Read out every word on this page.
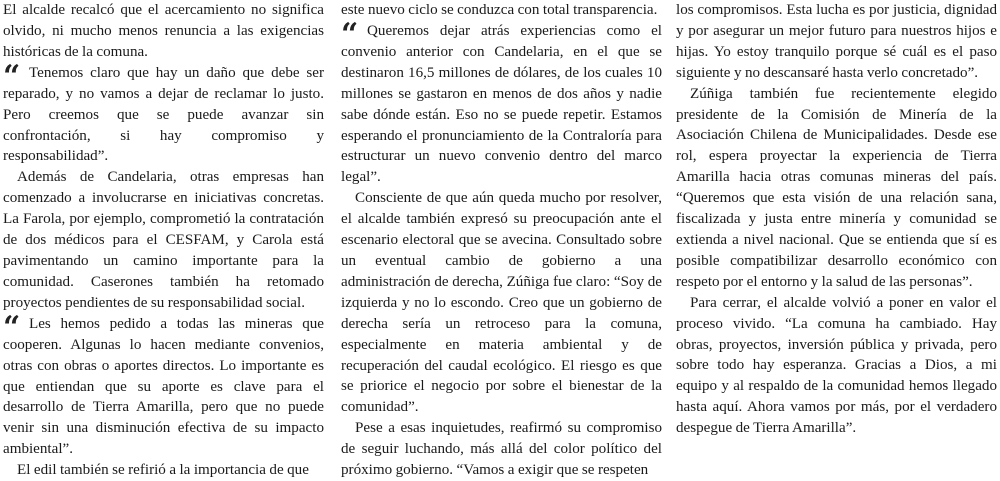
El alcalde recalcó que el acercamiento no significa olvido, ni mucho menos renuncia a las exigencias históricas de la comuna.

“ Tenemos claro que hay un daño que debe ser reparado, y no vamos a dejar de reclamar lo justo. Pero creemos que se puede avanzar sin confrontación, si hay compromiso y responsabilidad”.

Además de Candelaria, otras empresas han comenzado a involucrarse en iniciativas concretas. La Farola, por ejemplo, comprometió la contratación de dos médicos para el CESFAM, y Carola está pavimentando un camino importante para la comunidad. Caserones también ha retomado proyectos pendientes de su responsabilidad social.

“ Les hemos pedido a todas las mineras que cooperen. Algunas lo hacen mediante convenios, otras con obras o aportes directos. Lo importante es que entiendan que su aporte es clave para el desarrollo de Tierra Amarilla, pero que no puede venir sin una disminución efectiva de su impacto ambiental”.

El edil también se refirió a la importancia de que

este nuevo ciclo se conduzca con total transparencia.

“ Queremos dejar atrás experiencias como el convenio anterior con Candelaria, en el que se destinaron 16,5 millones de dólares, de los cuales 10 millones se gastaron en menos de dos años y nadie sabe dónde están. Eso no se puede repetir. Estamos esperando el pronunciamiento de la Contraloría para estructurar un nuevo convenio dentro del marco legal”.

Consciente de que aún queda mucho por resolver, el alcalde también expresó su preocupación ante el escenario electoral que se avecina. Consultado sobre un eventual cambio de gobierno a una administración de derecha, Zúñiga fue claro: “Soy de izquierda y no lo escondo. Creo que un gobierno de derecha sería un retroceso para la comuna, especialmente en materia ambiental y de recuperación del caudal ecológico. El riesgo es que se priorice el negocio por sobre el bienestar de la comunidad”.

Pese a esas inquietudes, reafirmó su compromiso de seguir luchando, más allá del color político del próximo gobierno. “Vamos a exigir que se respeten

los compromisos. Esta lucha es por justicia, dignidad y por asegurar un mejor futuro para nuestros hijos e hijas. Yo estoy tranquilo porque sé cuál es el paso siguiente y no descansaré hasta verlo concretado”.

Zúñiga también fue recientemente elegido presidente de la Comisión de Minería de la Asociación Chilena de Municipalidades. Desde ese rol, espera proyectar la experiencia de Tierra Amarilla hacia otras comunas mineras del país. “Queremos que esta visión de una relación sana, fiscalizada y justa entre minería y comunidad se extienda a nivel nacional. Que se entienda que sí es posible compatibilizar desarrollo económico con respeto por el entorno y la salud de las personas”.

Para cerrar, el alcalde volvió a poner en valor el proceso vivido. “La comuna ha cambiado. Hay obras, proyectos, inversión pública y privada, pero sobre todo hay esperanza. Gracias a Dios, a mi equipo y al respaldo de la comunidad hemos llegado hasta aquí. Ahora vamos por más, por el verdadero despegue de Tierra Amarilla”.
